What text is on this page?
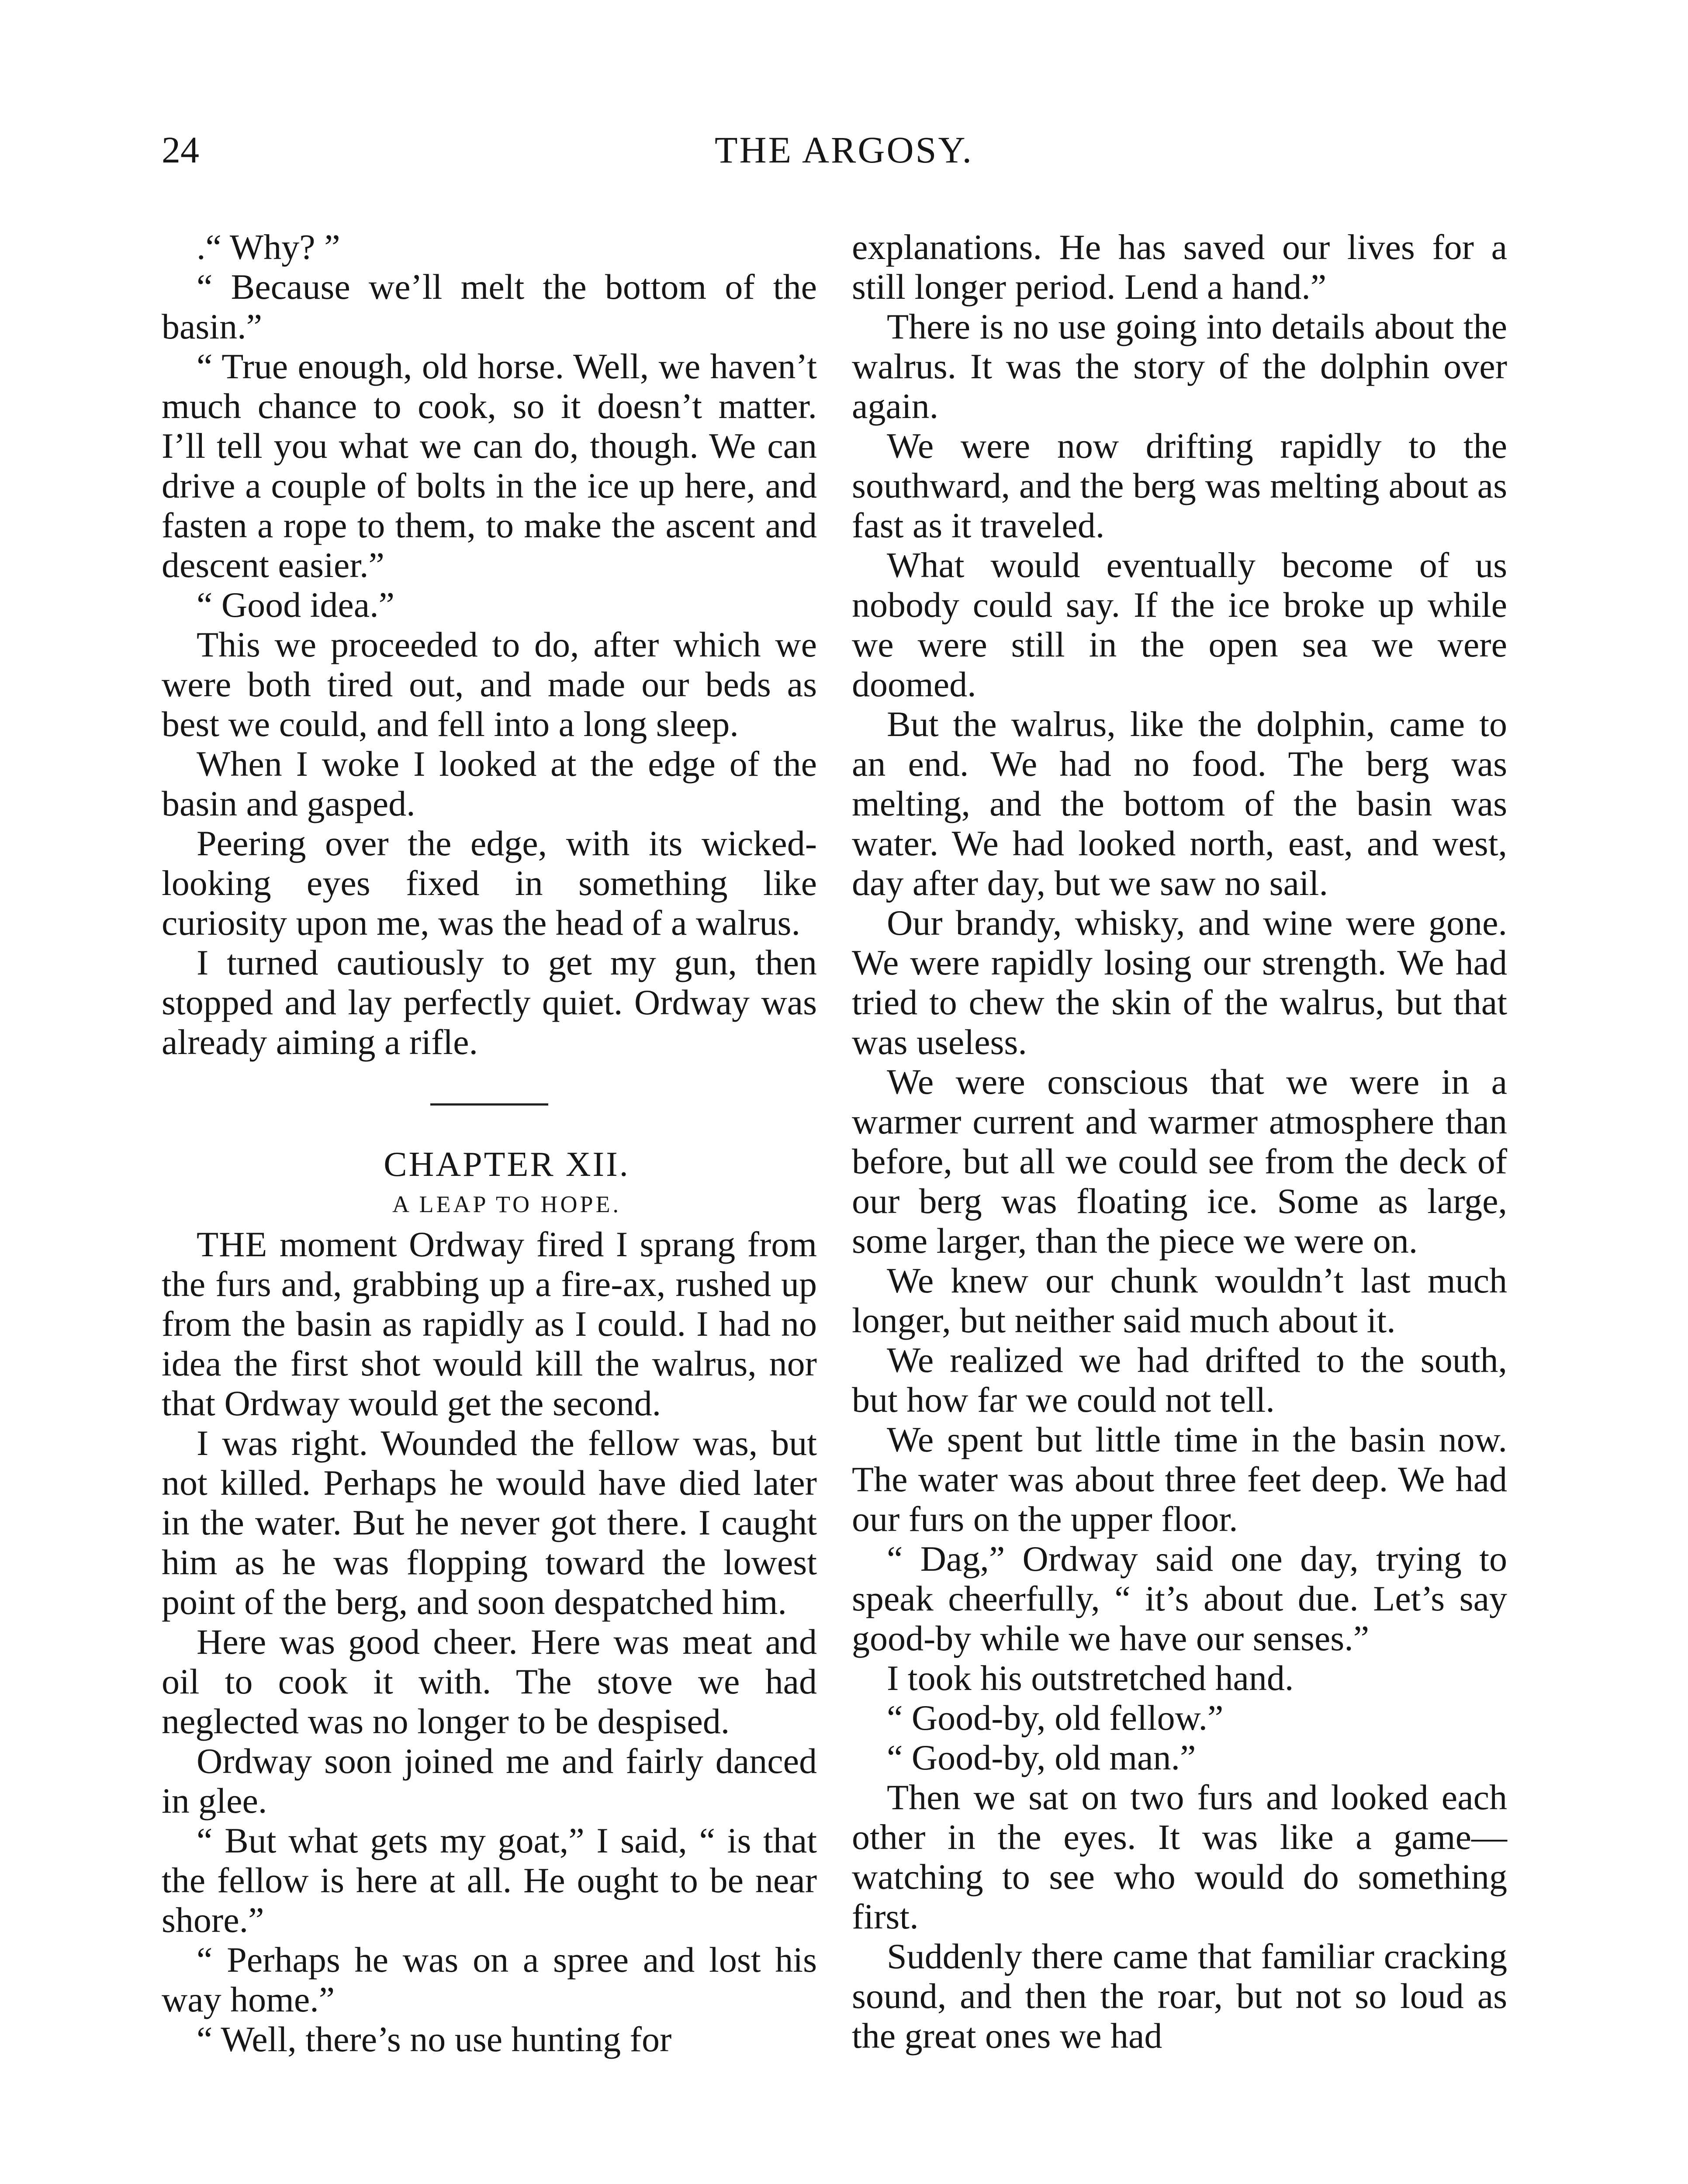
24	THE ARGOSY.

.“ Why? ”

“ Because we’ll melt the bottom of the basin.”

“ True enough, old horse. Well, we haven’t much chance to cook, so it doesn’t matter. I’ll tell you what we can do, though. We can drive a couple of bolts in the ice up here, and fasten a rope to them, to make the ascent and descent easier.”

“ Good idea.”

This we proceeded to do, after which we were both tired out, and made our beds as best we could, and fell into a long sleep.

When I woke I looked at the edge of the basin and gasped.

Peering over the edge, with its wicked-looking eyes fixed in something like curiosity upon me, was the head of a walrus.

I turned cautiously to get my gun, then stopped and lay perfectly quiet. Ordway was already aiming a rifle.

CHAPTER XII.

A LEAP TO HOPE.

THE moment Ordway fired I sprang from the furs and, grabbing up a fire-ax, rushed up from the basin as rapidly as I could. I had no idea the first shot would kill the walrus, nor that Ordway would get the second.

I was right. Wounded the fellow was, but not killed. Perhaps he would have died later in the water. But he never got there. I caught him as he was flopping toward the lowest point of the berg, and soon despatched him.

Here was good cheer. Here was meat and oil to cook it with. The stove we had neglected was no longer to be despised.

Ordway soon joined me and fairly danced in glee.

“ But what gets my goat,” I said, “ is that the fellow is here at all. He ought to be near shore.”

“ Perhaps he was on a spree and lost his way home.”

“ Well, there’s no use hunting for

explanations. He has saved our lives for a still longer period. Lend a hand.”

There is no use going into details about the walrus. It was the story of the dolphin over again.

We were now drifting rapidly to the southward, and the berg was melting about as fast as it traveled.

What would eventually become of us nobody could say. If the ice broke up while we were still in the open sea we were doomed.

But the walrus, like the dolphin, came to an end. We had no food. The berg was melting, and the bottom of the basin was water. We had looked north, east, and west, day after day, but we saw no sail.

Our brandy, whisky, and wine were gone. We were rapidly losing our strength. We had tried to chew the skin of the walrus, but that was useless.

We were conscious that we were in a warmer current and warmer atmosphere than before, but all we could see from the deck of our berg was floating ice. Some as large, some larger, than the piece we were on.

We knew our chunk wouldn’t last much longer, but neither said much about it.

We realized we had drifted to the south, but how far we could not tell.

We spent but little time in the basin now. The water was about three feet deep. We had our furs on the upper floor.

“ Dag,” Ordway said one day, trying to speak cheerfully, “ it’s about due. Let’s say good-by while we have our senses.”

I took his outstretched hand.

“ Good-by, old fellow.”

“ Good-by, old man.”

Then we sat on two furs and looked each other in the eyes. It was like a game—watching to see who would do something first.

Suddenly there came that familiar cracking sound, and then the roar, but not so loud as the great ones we had
